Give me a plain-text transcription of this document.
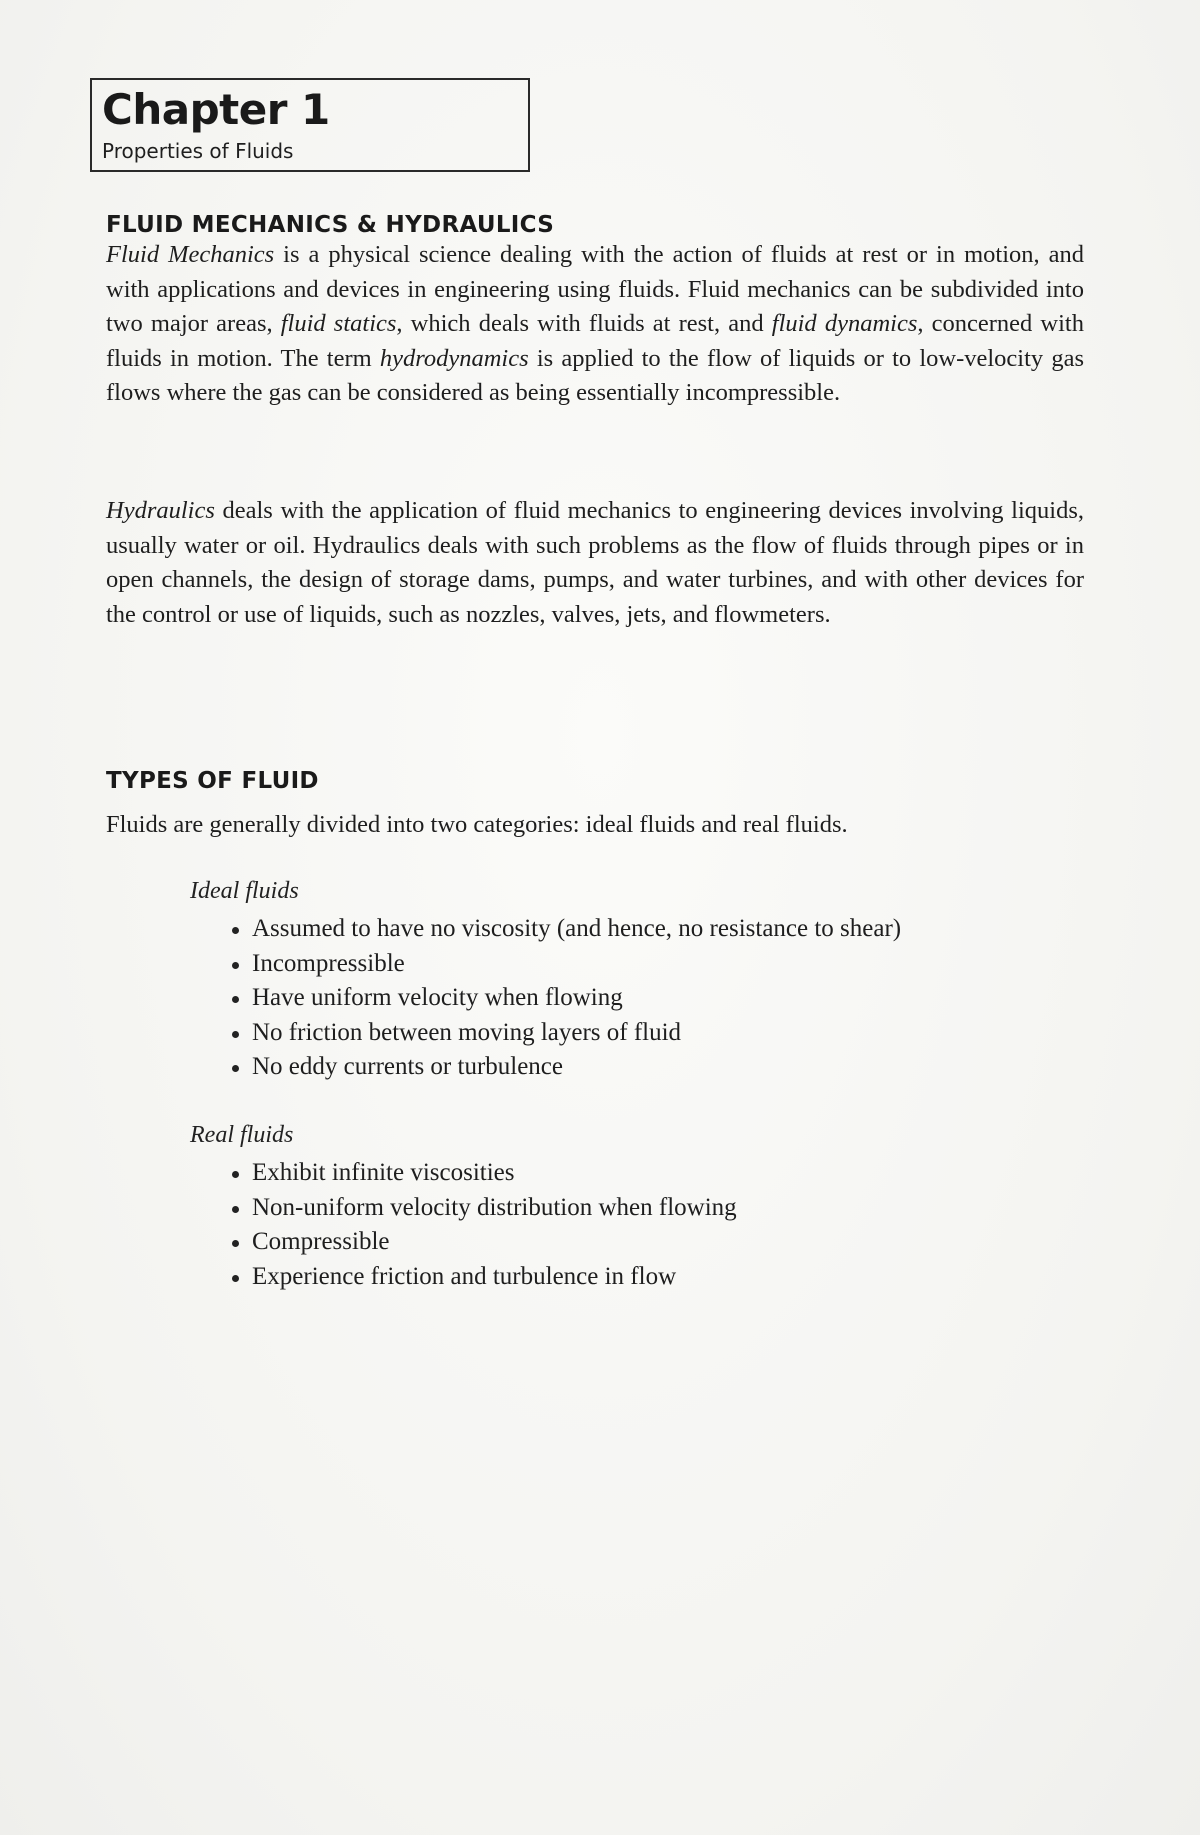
Chapter 1
Properties of Fluids
FLUID MECHANICS & HYDRAULICS

Fluid Mechanics is a physical science dealing with the action of fluids at rest or in motion, and with applications and devices in engineering using fluids. Fluid mechanics can be subdivided into two major areas, fluid statics, which deals with fluids at rest, and fluid dynamics, concerned with fluids in motion. The term hydrodynamics is applied to the flow of liquids or to low-velocity gas flows where the gas can be considered as being essentially incompressible.

Hydraulics deals with the application of fluid mechanics to engineering devices involving liquids, usually water or oil. Hydraulics deals with such problems as the flow of fluids through pipes or in open channels, the design of storage dams, pumps, and water turbines, and with other devices for the control or use of liquids, such as nozzles, valves, jets, and flowmeters.

TYPES OF FLUID

Fluids are generally divided into two categories: ideal fluids and real fluids.

Ideal fluids
Assumed to have no viscosity (and hence, no resistance to shear)
Incompressible
Have uniform velocity when flowing
No friction between moving layers of fluid
No eddy currents or turbulence
Real fluids
Exhibit infinite viscosities
Non-uniform velocity distribution when flowing
Compressible
Experience friction and turbulence in flow
